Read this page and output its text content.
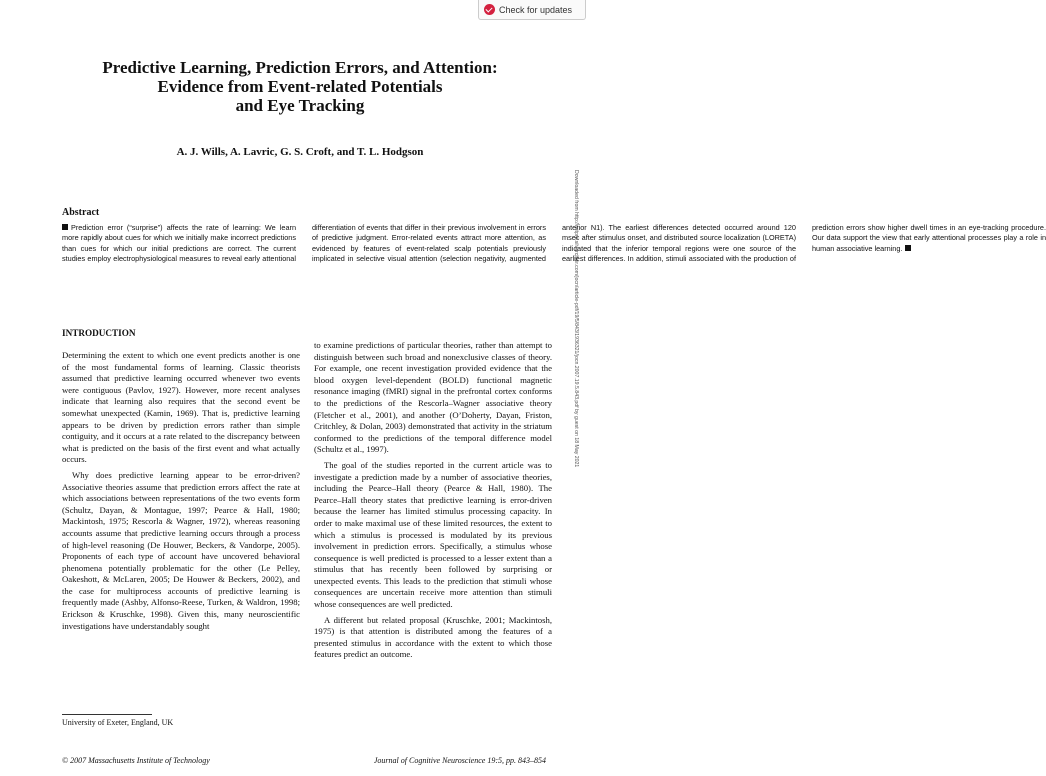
Check for updates
Predictive Learning, Prediction Errors, and Attention:
Evidence from Event-related Potentials
and Eye Tracking

A. J. Wills, A. Lavric, G. S. Croft, and T. L. Hodgson

Downloaded from http://mitprc.silverchair.com/jocn/article-pdf/19/5/843/1936321/jocn.2007.19.5.843.pdf by guest on 18 May 2021
Abstract
Prediction error (“surprise”) affects the rate of learning: We learn more rapidly about cues for which we initially make incorrect predictions than cues for which our initial predictions are correct. The current studies employ electrophysiological measures to reveal early attentional differentiation of events that differ in their previous involvement in errors of predictive judgment. Error-related events attract more attention, as evidenced by features of event-related scalp potentials previously implicated in selective visual attention (selection negativity, augmented anterior N1). The earliest differences detected occurred around 120 msec after stimulus onset, and distributed source localization (LORETA) indicated that the inferior temporal regions were one source of the earliest differences. In addition, stimuli associated with the production of prediction errors show higher dwell times in an eye-tracking procedure. Our data support the view that early attentional processes play a role in human associative learning.
INTRODUCTION

Determining the extent to which one event predicts another is one of the most fundamental forms of learning. Classic theorists assumed that predictive learning occurred whenever two events were contiguous (Pavlov, 1927). However, more recent analyses indicate that learning also requires that the second event be somewhat unexpected (Kamin, 1969). That is, predictive learning appears to be driven by prediction errors rather than simple contiguity, and it occurs at a rate related to the discrepancy between what is predicted on the basis of the first event and what actually occurs.

Why does predictive learning appear to be error-driven? Associative theories assume that prediction errors affect the rate at which associations between representations of the two events form (Schultz, Dayan, & Montague, 1997; Pearce & Hall, 1980; Mackintosh, 1975; Rescorla & Wagner, 1972), whereas reasoning accounts assume that predictive learning occurs through a process of high-level reasoning (De Houwer, Beckers, & Vandorpe, 2005). Proponents of each type of account have uncovered behavioral phenomena potentially problematic for the other (Le Pelley, Oakeshott, & McLaren, 2005; De Houwer & Beckers, 2002), and the case for multiprocess accounts of predictive learning is frequently made (Ashby, Alfonso-Reese, Turken, & Waldron, 1998; Erickson & Kruschke, 1998). Given this, many neuroscientific investigations have understandably sought

to examine predictions of particular theories, rather than attempt to distinguish between such broad and nonexclusive classes of theory. For example, one recent investigation provided evidence that the blood oxygen level-dependent (BOLD) functional magnetic resonance imaging (fMRI) signal in the prefrontal cortex conforms to the predictions of the Rescorla–Wagner associative theory (Fletcher et al., 2001), and another (O’Doherty, Dayan, Friston, Critchley, & Dolan, 2003) demonstrated that activity in the striatum conformed to the predictions of the temporal difference model (Schultz et al., 1997).

The goal of the studies reported in the current article was to investigate a prediction made by a number of associative theories, including the Pearce–Hall theory (Pearce & Hall, 1980). The Pearce–Hall theory states that predictive learning is error-driven because the learner has limited stimulus processing capacity. In order to make maximal use of these limited resources, the extent to which a stimulus is processed is modulated by its previous involvement in prediction errors. Specifically, a stimulus whose consequence is well predicted is processed to a lesser extent than a stimulus that has recently been followed by surprising or unexpected events. This leads to the prediction that stimuli whose consequences are uncertain receive more attention than stimuli whose consequences are well predicted.

A different but related proposal (Kruschke, 2001; Mackintosh, 1975) is that attention is distributed among the features of a presented stimulus in accordance with the extent to which those features predict an outcome.

University of Exeter, England, UK

© 2007 Massachusetts Institute of Technology	Journal of Cognitive Neuroscience 19:5, pp. 843–854
